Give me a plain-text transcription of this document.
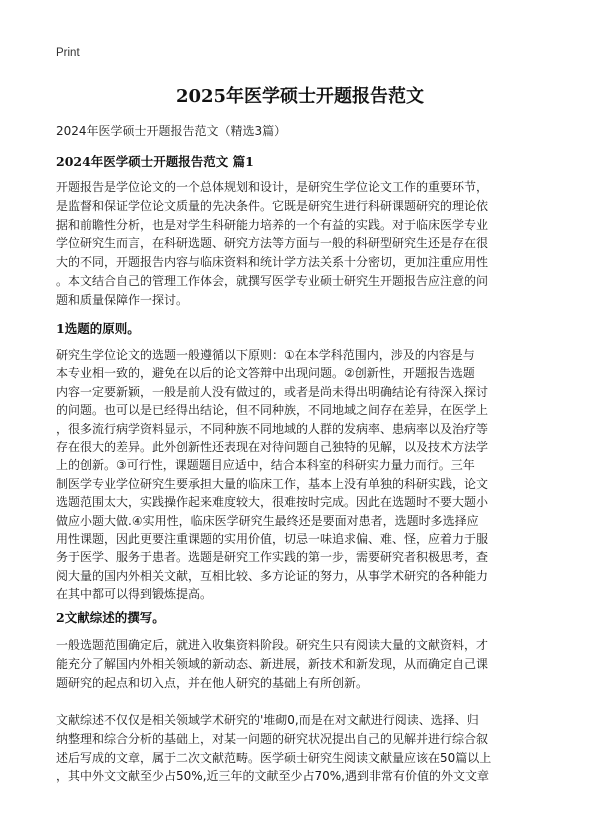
Print
2025年医学硕士开题报告范文
2024年医学硕士开题报告范文（精选3篇）
2024年医学硕士开题报告范文 篇1
开题报告是学位论文的一个总体规划和设计，是研究生学位论文工作的重要环节，
是监督和保证学位论文质量的先决条件。它既是研究生进行科研课题研究的理论依
据和前瞻性分析，也是对学生科研能力培养的一个有益的实践。对于临床医学专业
学位研究生而言，在科研选题、研究方法等方面与一般的科研型研究生还是存在很
大的不同，开题报告内容与临床资料和统计学方法关系十分密切，更加注重应用性
。本文结合自己的管理工作体会，就撰写医学专业硕士研究生开题报告应注意的问
题和质量保障作一探讨。
1选题的原则。
研究生学位论文的选题一般遵循以下原则：①在本学科范围内，涉及的内容是与
本专业相一致的，避免在以后的论文答辩中出现问题。②创新性，开题报告选题
内容一定要新颖，一般是前人没有做过的，或者是尚未得出明确结论有待深入探讨
的问题。也可以是已经得出结论，但不同种族，不同地域之间存在差异，在医学上
，很多流行病学资料显示，不同种族不同地域的人群的发病率、患病率以及治疗等
存在很大的差异。此外创新性还表现在对待问题自己独特的见解，以及技术方法学
上的创新。③可行性，课题题目应适中，结合本科室的科研实力量力而行。三年
制医学专业学位研究生要承担大量的临床工作，基本上没有单独的科研实践，论文
选题范围太大，实践操作起来难度较大，很难按时完成。因此在选题时不要大题小
做应小题大做.④实用性，临床医学研究生最终还是要面对患者，选题时多选择应
用性课题，因此更要注重课题的实用价值，切忌一味追求偏、难、怪，应着力于服
务于医学、服务于患者。选题是研究工作实践的第一步，需要研究者积极思考，查
阅大量的国内外相关文献，互相比较、多方论证的努力，从事学术研究的各种能力
在其中都可以得到锻炼提高。
2文献综述的撰写。
一般选题范围确定后，就进入收集资料阶段。研究生只有阅读大量的文献资料，才
能充分了解国内外相关领域的新动态、新进展，新技术和新发现，从而确定自己课
题研究的起点和切入点，并在他人研究的基础上有所创新。
文献综述不仅仅是相关领域学术研究的'堆砌0,而是在对文献进行阅读、选择、归
纳整理和综合分析的基础上，对某一问题的研究状况提出自己的见解并进行综合叙
述后写成的文章，属于二次文献范畴。医学硕士研究生阅读文献量应该在50篇以上
，其中外文文献至少占50%,近三年的文献至少占70%,遇到非常有价值的外文文章
